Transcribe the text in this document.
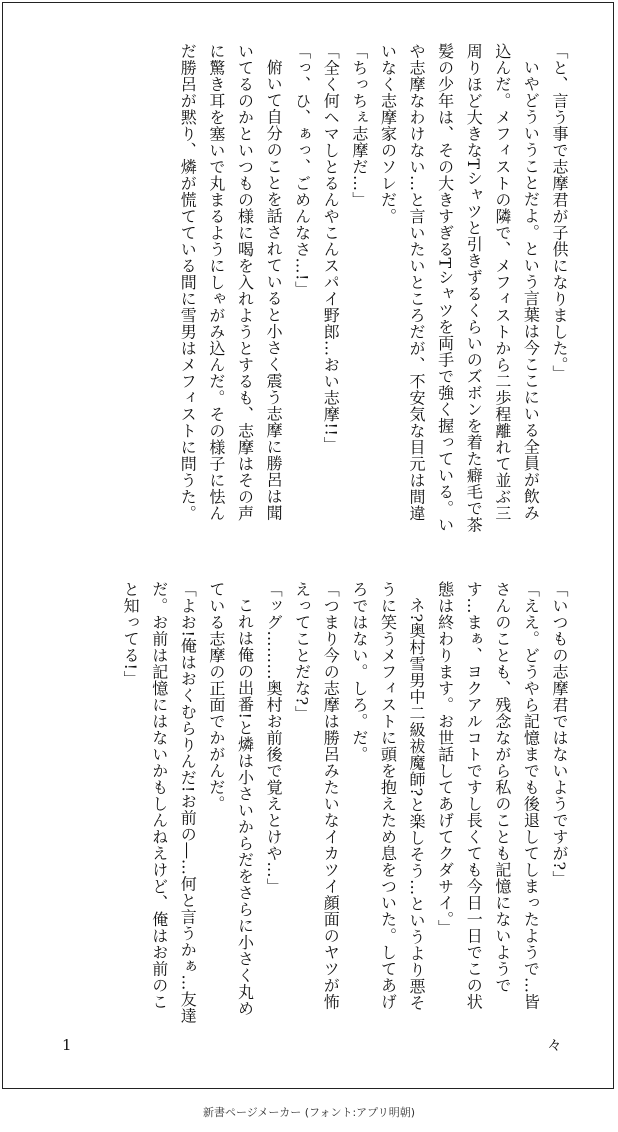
「と、言う事で志摩君が子供になりました。」

いやどういうことだよ。という言葉は今ここにいる全員が飲み込んだ。メフィストの隣で、メフィストから二歩程離れて並ぶ三周りほど大きなTシャツと引きずるくらいのズボンを着た癖毛で茶髪の少年は、その大きすぎるTシャツを両手で強く握っている。いや志摩なわけない…と言いたいところだが、不安気な目元は間違いなく志摩家のソレだ。

「ちっちぇ志摩だ…」

「全く何ヘマしとるんやこんスパイ野郎…おい志摩!!」

「っ、ひ、ぁっ、ごめんなさ…!」

俯いて自分のことを話されていると小さく震う志摩に勝呂は聞いてるのかといつもの様に喝を入れようとするも、志摩はその声に驚き耳を塞いで丸まるようにしゃがみ込んだ。その様子に怯んだ勝呂が黙り、燐が慌てている間に雪男はメフィストに問うた。

「いつもの志摩君ではないようですが?」

「ええ。どうやら記憶までも後退してしまったようで…皆さんのことも、残念ながら私のことも記憶にないようです…まぁ、ヨクアルコトですし長くても今日一日でこの状態は終わります。お世話してあげてクダサイ。」

ネ?奥村雪男中二級祓魔師?と楽しそう…というより悪そうに笑うメフィストに頭を抱えため息をついた。してあげろではない。しろ。だ。

「つまり今の志摩は勝呂みたいなイカツイ顔面のヤツが怖えってことだな?」

「ッグ………奥村お前後で覚えとけや…」

これは俺の出番!と燐は小さいからだをさらに小さく丸めている志摩の正面でかがんだ。

「よお!俺はおくむらりんだ!お前の―…何と言うかぁ…友達だ。お前は記憶にはないかもしんねえけど、俺はお前のこと知ってる!」

1	々
新書ページメーカー (フォント:アプリ明朝)
